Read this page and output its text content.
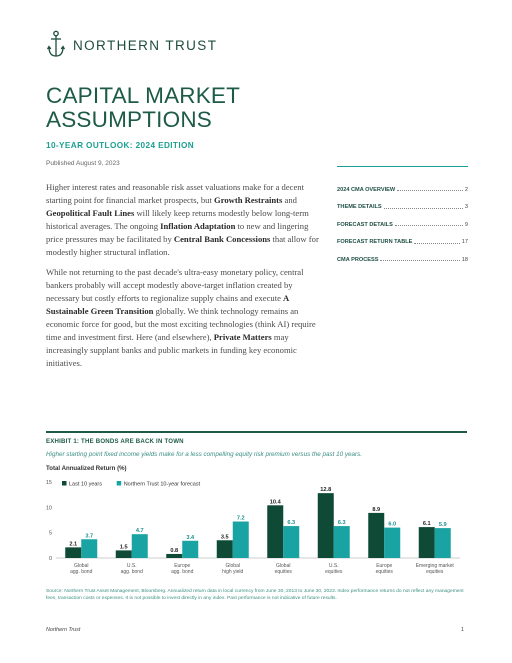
NORTHERN TRUST
CAPITAL MARKET ASSUMPTIONS
10-YEAR OUTLOOK: 2024 EDITION
Published August 9, 2023

Higher interest rates and reasonable risk asset valuations make for a decent starting point for financial market prospects, but Growth Restraints and Geopolitical Fault Lines will likely keep returns modestly below long-term historical averages. The ongoing Inflation Adaptation to new and lingering price pressures may be facilitated by Central Bank Concessions that allow for modestly higher structural inflation.

While not returning to the past decade's ultra-easy monetary policy, central bankers probably will accept modestly above-target inflation created by necessary but costly efforts to regionalize supply chains and execute A Sustainable Green Transition globally. We think technology remains an economic force for good, but the most exciting technologies (think AI) require time and investment first. Here (and elsewhere), Private Matters may increasingly supplant banks and public markets in funding key economic initiatives.

2024 CMA OVERVIEW	2
THEME DETAILS	3
FORECAST DETAILS	9
FORECAST RETURN TABLE	17
CMA PROCESS	18
EXHIBIT 1: THE BONDS ARE BACK IN TOWN
Higher starting point fixed income yields make for a less compelling equity risk premium versus the past 10 years.
Total Annualized Return (%)
0
5
10
15	Last 10 years	Northern Trust 10-year forecast
2.1
3.7
Global
agg. bond
1.5
4.7
U.S.
agg. bond
0.8
3.4
Europe
agg. bond
3.5
7.2
Global
high yield
10.4
6.3
Global
equities
12.8
6.3
U.S.
equities
8.9
6.0
Europe
equities
6.1 5.9
Emerging market
equities
Source: Northern Trust Asset Management, Bloomberg. Annualized return data in local currency from June 30, 2013 to June 30, 2023. Index performance returns do not reflect any management fees, transaction costs or expenses. It is not possible to invest directly in any index. Past performance is not indicative of future results.
Northern Trust	1
